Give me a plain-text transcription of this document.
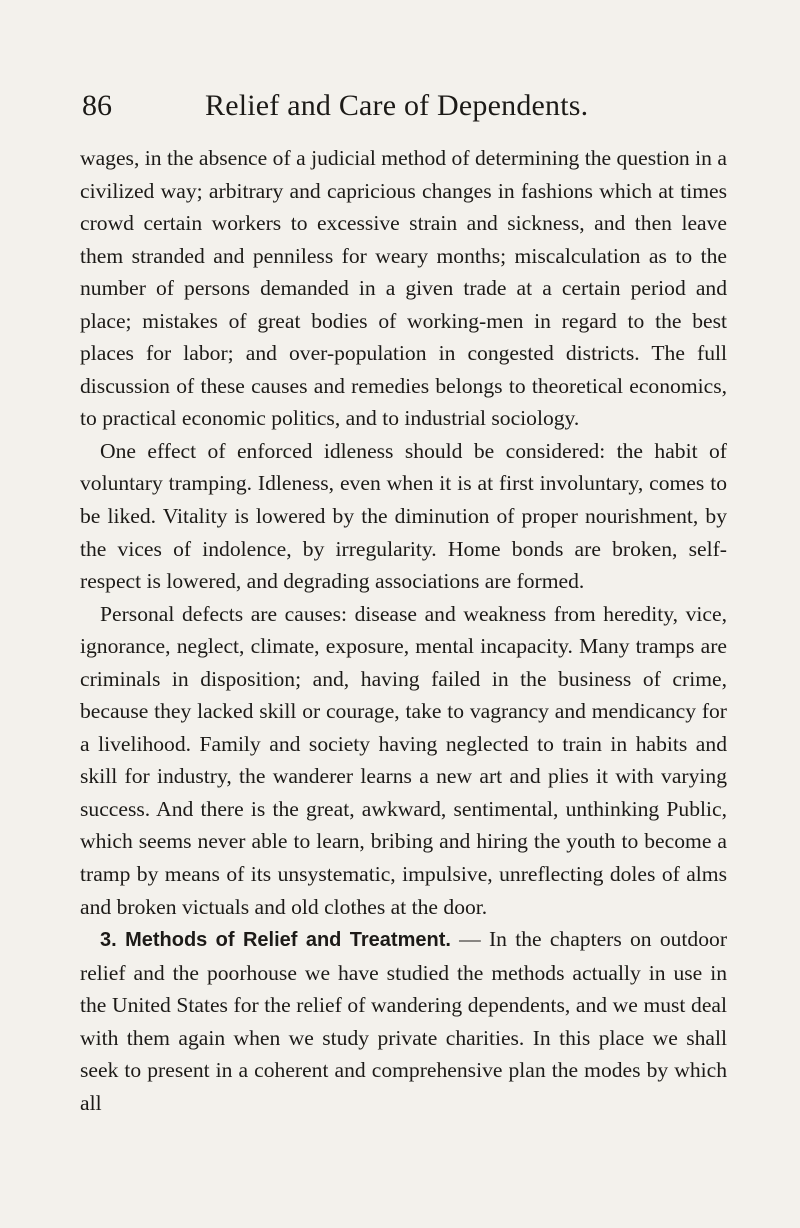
86	Relief and Care of Dependents.

wages, in the absence of a judicial method of determining the question in a civilized way; arbitrary and capricious changes in fashions which at times crowd certain workers to excessive strain and sickness, and then leave them stranded and penniless for weary months; miscalculation as to the number of persons demanded in a given trade at a certain period and place; mistakes of great bodies of working-men in regard to the best places for labor; and over-population in congested districts. The full discussion of these causes and remedies belongs to theoretical economics, to practical economic politics, and to industrial sociology.

One effect of enforced idleness should be considered: the habit of voluntary tramping. Idleness, even when it is at first involuntary, comes to be liked. Vitality is lowered by the diminution of proper nourishment, by the vices of indolence, by irregularity. Home bonds are broken, self-respect is lowered, and degrading associations are formed.

Personal defects are causes: disease and weakness from heredity, vice, ignorance, neglect, climate, exposure, mental incapacity. Many tramps are criminals in disposition; and, having failed in the business of crime, because they lacked skill or courage, take to vagrancy and mendicancy for a livelihood. Family and society having neglected to train in habits and skill for industry, the wanderer learns a new art and plies it with varying success. And there is the great, awkward, sentimental, unthinking Public, which seems never able to learn, bribing and hiring the youth to become a tramp by means of its unsystematic, impulsive, unreflecting doles of alms and broken victuals and old clothes at the door.

3. Methods of Relief and Treatment. — In the chapters on outdoor relief and the poorhouse we have studied the methods actually in use in the United States for the relief of wandering dependents, and we must deal with them again when we study private charities. In this place we shall seek to present in a coherent and comprehensive plan the modes by which all
